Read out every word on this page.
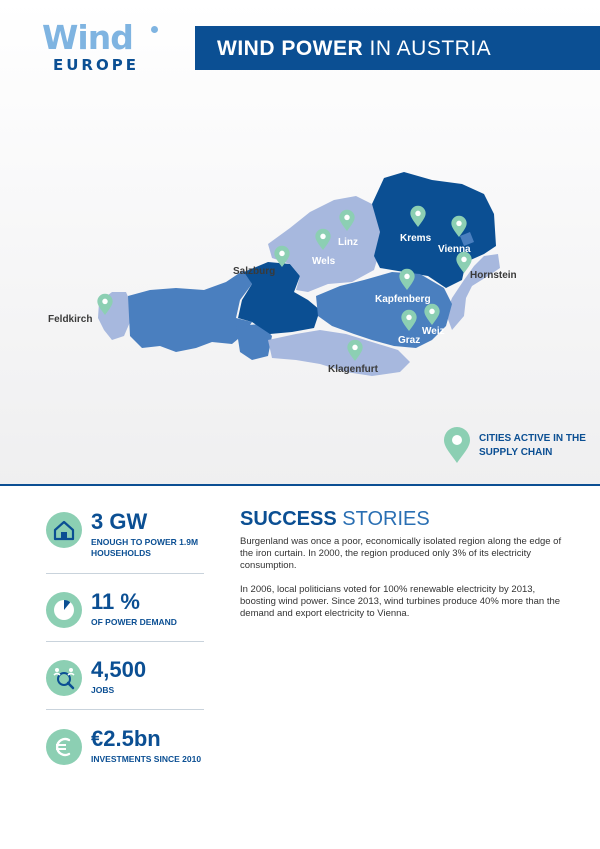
Wind
EUROPE
WIND POWER IN AUSTRIA
Linz	Krems
Vienna
Wels
Salzburg	Hornstein
Kapfenberg
Feldkirch
Weiz
Graz
Klagenfurt
CITIES ACTIVE IN THE SUPPLY CHAIN
3 GW
ENOUGH TO POWER 1.9M HOUSEHOLDS
11 %
OF POWER DEMAND
4,500
JOBS
€2.5bn
INVESTMENTS SINCE 2010
SUCCESS STORIES

Burgenland was once a poor, economically isolated region along the edge of the iron curtain. In 2000, the region produced only 3% of its electricity consumption.

In 2006, local politicians voted for 100% renewable electricity by 2013, boosting wind power. Since 2013, wind turbines produce 40% more than the demand and export electricity to Vienna.
